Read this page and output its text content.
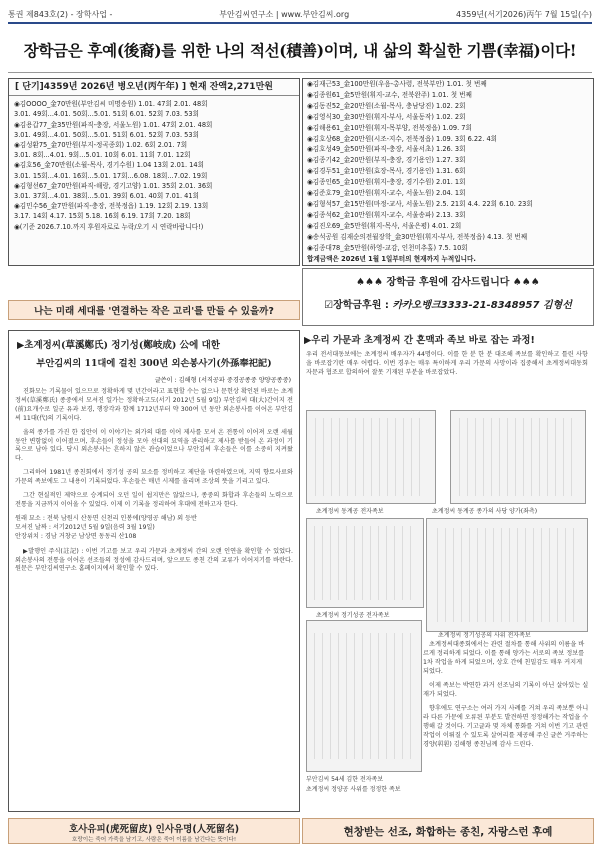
통권 제843호(2) - 장학사업 -	부안김씨연구소 | www.부안김씨.org	4359년(서기2026)丙午 7월 15일(수)
장학금은 후예(後裔)를 위한 나의 적선(積善)이며, 내 삶의 확실한 기쁨(幸福)이다!
[ 단기]4359년 2026년 병오년(丙午年) ] 현재 잔액2,271만원

◉김OOOO_金70만원(부안김씨 미명송원) 1.01. 47회 2.01. 48회

3.01. 49회...4.01. 50회...5.01. 51회 6.01. 52회 7.03. 53회

◉김용갑77_金35만원(파직-충장, 서울노원) 1.01. 47회 2.01. 48회

3.01. 49회...4.01. 50회...5.01. 51회 6.01. 52회 7.03. 53회

◉김성환75_金70만원(부지-정곡종회) 1.02. 6회 2.01. 7회

3.01. 8회...4.01. 9회...5.01. 10회 6.01. 11회 7.01. 12회

◉김호56_金70만원(소월-목사, 경기수원) 1.04 13회 2.01. 14회

3.01. 15회...4.01. 16회...5.01. 17회...6.08. 18회...7.02. 19회

◉김형선67_金70만원(파직-해랑, 경기고양) 1.01. 35회 2.01. 36회

3.01. 37회...4.01. 38회...5.01. 39회 6.01. 40회 7.01. 41회

◉김민수56_金7만원(파직-충장, 전북정읍) 1.19. 12회 2.19. 13회

3.17. 14회 4.17. 15회 5.18. 16회 6.19. 17회 7.20. 18회

◉(기준 2026.7.10.까지 후원자로로 누락/오기 시 연락바랍니다!)

◉김재근53_金100만원(우음-총사령, 전북부안) 1.01. 첫 번째

◉김종원61_金5만원(휘지-교수, 전북완주) 1.01. 첫 번째

◉김동진52_金20만원(소월-목사, 충남당진) 1.02. 2회

◉김영식30_金30만원(휘지-부사, 서울동작) 1.02. 2회

◉김해용61_金10만원(휘지-목부양, 전북정읍) 1.09. 7회

◉김호상68_金20만원(시조-지수, 전북정읍) 1.09. 3회 6.22. 4회

◉김호성49_金50만원(파직-충장, 서울서초) 1.26. 3회

◉김종기42_金20만원(부직-충장, 경기용인) 1.27. 3회

◉김경두51_金10만원(효장-목사, 경기용인) 1.31. 6회

◉김종인65_金10만원(휘지-충장, 경기수원) 2.01. 1회

◉김준호79_金10만원(휘지-교수, 서울노원) 2.04. 1회

◉김형석57_金15만원(마정-교사, 서울노원) 2.5. 21회 4.4. 22회 6.10. 23회

◉김종석62_金10만원(휘지-교수, 서울송파) 2.13. 3회

◉김진오69_金5만원(휘지-목사, 서울은평) 4.01. 2회

◉송석공원 김재순의전월장학_金30만원(휘지-부사, 전북정읍) 4.13. 첫 번째

◉김종대78_金5만원(하영-교감, 인천미추홀) 7.5. 10회

합계금액은 2026년 1월 1일부터의 현재까지 누적입니다.

나는 미래 세대를 '연결하는 작은 고리'를 만들 수 있을까?
♠♠♠ 장학금 후원에 감사드립니다 ♠♠♠
☑장학금후원 : 카카오뱅크3333-21-8348957 김형선
▶초계정씨(草溪鄭氏) 정기성(鄭岐成) 公에 대한
부안김씨의 11대에 걸친 300년 외손봉사기(外孫奉祀記)
글쓴이 : 김해형 (서직공파 중경공종중 양양공종중)

진화모는 기록물이 있으므로 정확하게 몇 년간이라고 표현할 수는 없으나 문헌상 확인된 바로는 초계정씨(草溪鄭氏) 종중에서 모셔진 일가는 정확하고도(서기 2012년 5월 9일) 부안김씨 대(大)간이지 전(前)요개수로 일군 유과 보경, 행장각과 함께 1712년부터 약 300여 년 동안 외손봉사를 이어온 부안김씨 11대(代)의 기록이다.

올의 종가를 가진 한 집안이 이 이야기는 외가의 대를 이어 제사를 모셔 온 전통이 이어져 오랜 세월 동안 변함없이 이어졌으며, 후손들이 정성을 모아 선대의 묘역을 관리하고 제사를 받들어 온 과정이 기록으로 남아 있다. 당시 외손봉사는 흔하지 않은 관습이었으나 부안김씨 후손들은 이를 소중히 지켜왔다.

그리하여 1981년 종친회에서 정기성 공의 묘소를 정비하고 제단을 마련하였으며, 지역 향토사료와 가문의 족보에도 그 내용이 기록되었다. 후손들은 매년 시제를 올리며 조상의 뜻을 기리고 있다.

그간 현실적인 제약으로 승계되어 오던 일이 쉽지만은 않았으나, 종중의 화합과 후손들의 노력으로 전통을 지금까지 이어올 수 있었다. 이제 이 기록을 정리하여 후대에 전하고자 한다.

원래 묘소 : 전북 남원시 산동면 신천리 인봉에(양영공 해남) 외 등반

모셔진 날짜 : 서기2012년 5월 9일(음력 3월 19일)

안장위치 : 경남 거창군 남상면 동동리 산108

▶발행인 주식(註記) : 이번 기고를 보고 우리 가문과 초계정씨 간의 오랜 인연을 확인할 수 있었다. 외손봉사의 전통을 이어온 선조들의 정성에 감사드리며, 앞으로도 종친 간의 교류가 이어지기를 바란다. 원문은 부안김씨연구소 홈페이지에서 확인할 수 있다.

▶우리 가문과 초계정씨 간 혼맥과 족보 바로 잡는 과정!
우리 전서대동보에는 초계정씨 배우자가 44명이다. 이를 한 분 한 분 대조해 족보를 확인하고 틀린 사항을 바로잡기란 매우 어렵다. 이번 경우는 매우 특이하게 우리 가문의 사망이라 집중해서 초계정씨대동회 자문과 협조로 합의하여 잘못 기재된 부분을 바로잡았다.
초계정씨 동계공 전자족보	초계정씨 동계공 종가의 사당 양가(좌측)
초계정씨 정기성공 전자족보
초계정씨 정기성공의 사위 전자족보
부안김씨 54세 김한 전자족보
초계정씨 정양공 사위를 정정한 족보

초계정씨대종회에서는 관련 절차를 통해 사위의 이름을 바르게 정리하게 되었다. 이를 통해 양가는 서로의 족보 정보를 1차 작업을 하게 되었으며, 상호 간에 친밀감도 매우 커지게 되었다.

이제 족보는 박연한 과거 선조님의 기록이 아닌 살아있는 실재가 되었다.

향후에도 연구소는 여러 가지 사례를 거쳐 우리 족보뿐 아니라 다른 가문에 오류된 부분도 발견하면 정정해가는 작업을 수행해 갈 것이다. 기고글과 몇 자체 통화를 거쳐 이번 기고 관련 작업이 이뤄질 수 있도록 살여리를 제공해 주신 글쓴 거주하는 경양(휘훤) 김해형 종친님께 감사 드린다.

호사유피(虎死留皮) 인사유명(人死留名)
호랑이는 죽어 가죽을 남기고, 사람은 죽어 이름을 남긴다는 뜻이다!
현창받는 선조, 화합하는 종친, 자랑스런 후예
